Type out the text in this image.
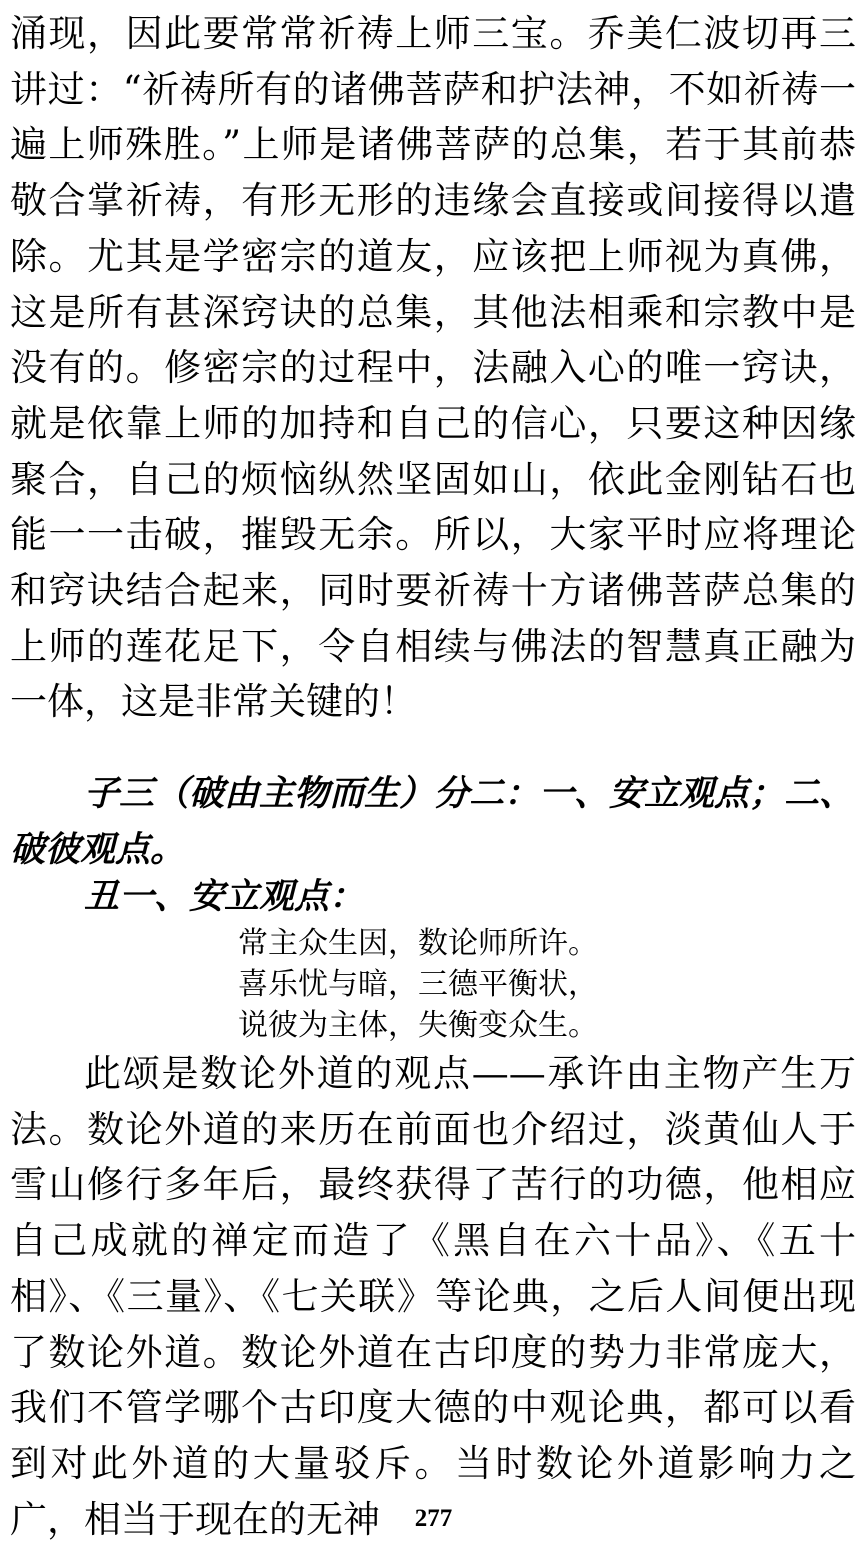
涌现，因此要常常祈祷上师三宝。乔美仁波切再三讲过：“祈祷所有的诸佛菩萨和护法神，不如祈祷一遍上师殊胜。”上师是诸佛菩萨的总集，若于其前恭敬合掌祈祷，有形无形的违缘会直接或间接得以遣除。尤其是学密宗的道友，应该把上师视为真佛，这是所有甚深窍诀的总集，其他法相乘和宗教中是没有的。修密宗的过程中，法融入心的唯一窍诀，就是依靠上师的加持和自己的信心，只要这种因缘聚合，自己的烦恼纵然坚固如山，依此金刚钻石也能一一击破，摧毁无余。所以，大家平时应将理论和窍诀结合起来，同时要祈祷十方诸佛菩萨总集的上师的莲花足下，令自相续与佛法的智慧真正融为一体，这是非常关键的！

子三（破由主物而生）分二：一、安立观点；二、破彼观点。

丑一、安立观点：

常主众生因，数论师所许。
喜乐忧与暗，三德平衡状，
说彼为主体，失衡变众生。

此颂是数论外道的观点——承许由主物产生万法。数论外道的来历在前面也介绍过，淡黄仙人于雪山修行多年后，最终获得了苦行的功德，他相应自己成就的禅定而造了《黑自在六十品》、《五十相》、《三量》、《七关联》等论典，之后人间便出现了数论外道。数论外道在古印度的势力非常庞大，我们不管学哪个古印度大德的中观论典，都可以看到对此外道的大量驳斥。当时数论外道影响力之广，相当于现在的无神	277
